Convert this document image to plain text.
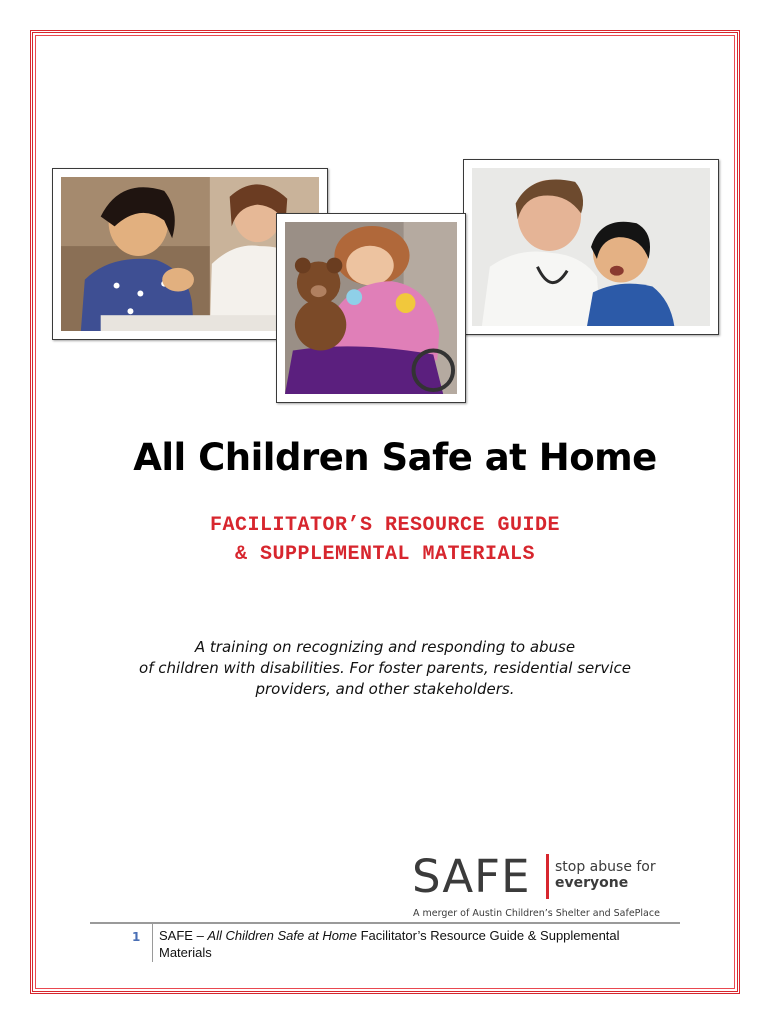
All Children Safe at Home
FACILITATOR’S RESOURCE GUIDE
& SUPPLEMENTAL MATERIALS
A training on recognizing and responding to abuse
of children with disabilities. For foster parents, residential service
providers, and other stakeholders.
SAFE stop abuse for
everyone
A merger of Austin Children’s Shelter and SafePlace
1 SAFE – All Children Safe at Home Facilitator’s Resource Guide & Supplemental
Materials
